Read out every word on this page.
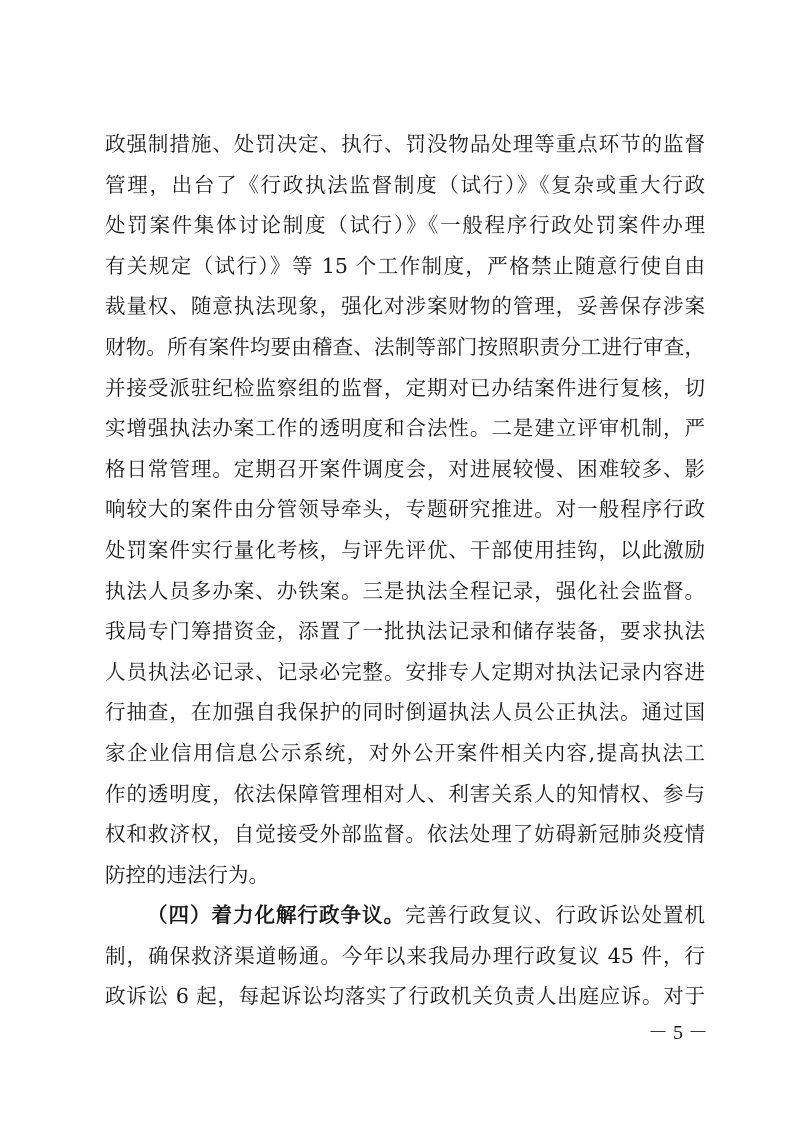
政强制措施、处罚决定、执行、罚没物品处理等重点环节的监督
管理，出台了《行政执法监督制度（试行）》《复杂或重大行政
处罚案件集体讨论制度（试行）》《一般程序行政处罚案件办理
有关规定（试行）》等 15 个工作制度，严格禁止随意行使自由
裁量权、随意执法现象，强化对涉案财物的管理，妥善保存涉案
财物。所有案件均要由稽查、法制等部门按照职责分工进行审查，
并接受派驻纪检监察组的监督，定期对已办结案件进行复核，切
实增强执法办案工作的透明度和合法性。二是建立评审机制，严
格日常管理。定期召开案件调度会，对进展较慢、困难较多、影
响较大的案件由分管领导牵头，专题研究推进。对一般程序行政
处罚案件实行量化考核，与评先评优、干部使用挂钩，以此激励
执法人员多办案、办铁案。三是执法全程记录，强化社会监督。
我局专门筹措资金，添置了一批执法记录和储存装备，要求执法
人员执法必记录、记录必完整。安排专人定期对执法记录内容进
行抽查，在加强自我保护的同时倒逼执法人员公正执法。通过国
家企业信用信息公示系统，对外公开案件相关内容,提高执法工
作的透明度，依法保障管理相对人、利害关系人的知情权、参与
权和救济权，自觉接受外部监督。依法处理了妨碍新冠肺炎疫情
防控的违法行为。
（四）着力化解行政争议。完善行政复议、行政诉讼处置机
制，确保救济渠道畅通。今年以来我局办理行政复议 45 件，行
政诉讼 6 起，每起诉讼均落实了行政机关负责人出庭应诉。对于
－ 5 －
